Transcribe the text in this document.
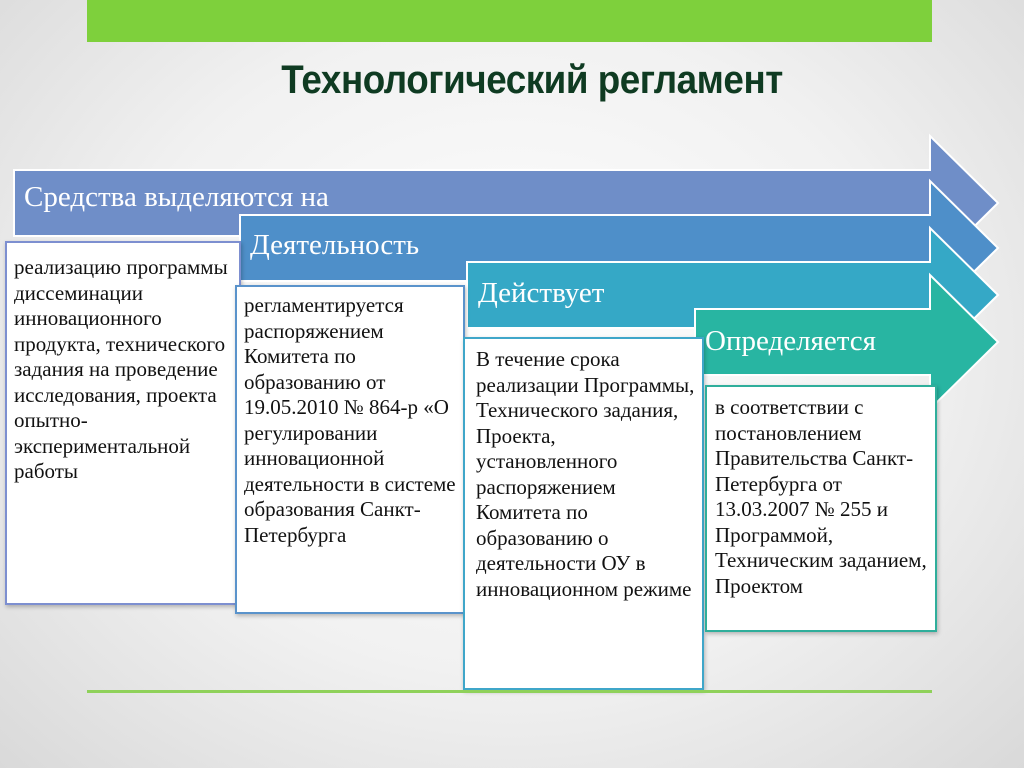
Технологический регламент
Средства выделяются на
Деятельность
Действует
Определяется
реализацию программы диссеминации инновационного продукта, технического задания на проведение исследования, проекта опытно-экспериментальной работы
регламентируется распоряжением Комитета по образованию от 19.05.2010 № 864-р «О регулировании инновационной деятельности в системе образования Санкт-Петербурга
В течение срока реализации Программы, Технического задания, Проекта, установленного распоряжением Комитета по образованию о деятельности ОУ в инновационном режиме
в соответствии с постановлением Правительства Санкт-Петербурга от 13.03.2007 № 255 и Программой, Техническим заданием, Проектом
